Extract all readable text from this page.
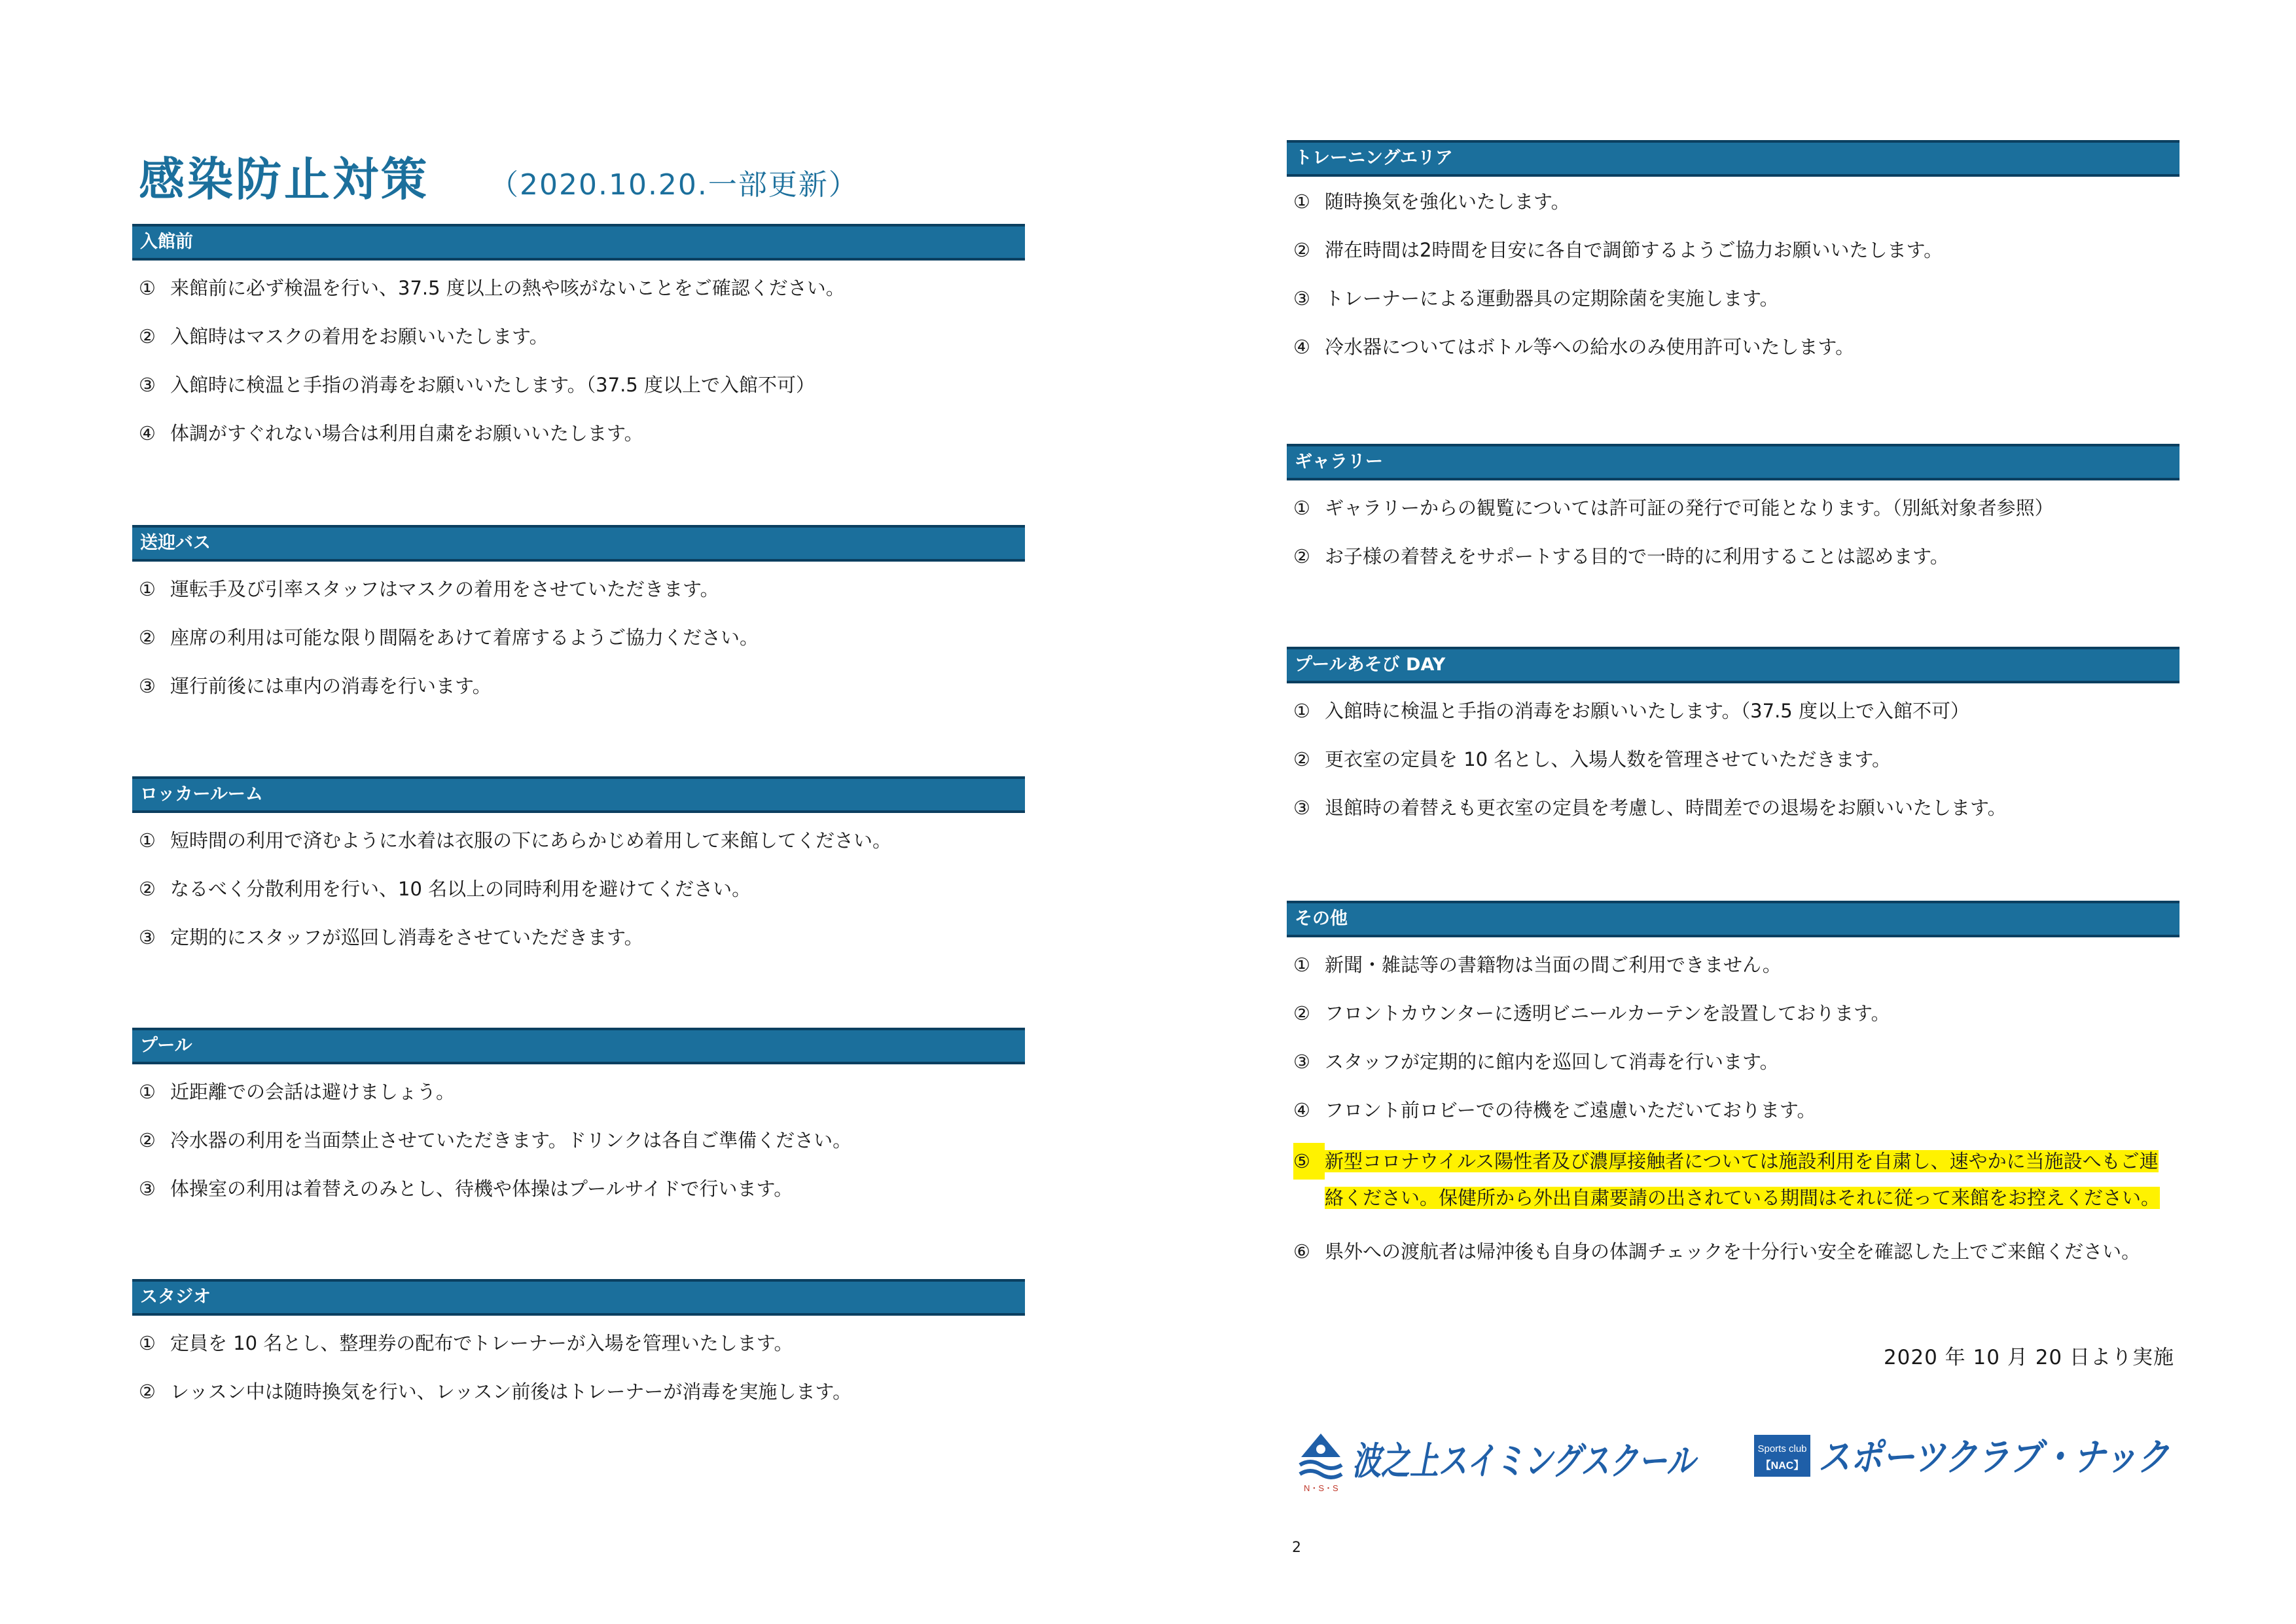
感染防止対策 （2020.10.20.一部更新）
入館前
① 来館前に必ず検温を行い、37.5 度以上の熱や咳がないことをご確認ください。
② 入館時はマスクの着用をお願いいたします。
③ 入館時に検温と手指の消毒をお願いいたします。（37.5 度以上で入館不可）
④ 体調がすぐれない場合は利用自粛をお願いいたします。
送迎バス
① 運転手及び引率スタッフはマスクの着用をさせていただきます。
② 座席の利用は可能な限り間隔をあけて着席するようご協力ください。
③ 運行前後には車内の消毒を行います。
ロッカールーム
① 短時間の利用で済むように水着は衣服の下にあらかじめ着用して来館してください。
② なるべく分散利用を行い、10 名以上の同時利用を避けてください。
③ 定期的にスタッフが巡回し消毒をさせていただきます。
プール
① 近距離での会話は避けましょう。
② 冷水器の利用を当面禁止させていただきます。ドリンクは各自ご準備ください。
③ 体操室の利用は着替えのみとし、待機や体操はプールサイドで行います。
スタジオ
① 定員を 10 名とし、整理券の配布でトレーナーが入場を管理いたします。
② レッスン中は随時換気を行い、レッスン前後はトレーナーが消毒を実施します。
トレーニングエリア
① 随時換気を強化いたします。
② 滞在時間は2時間を目安に各自で調節するようご協力お願いいたします。
③ トレーナーによる運動器具の定期除菌を実施します。
④ 冷水器についてはボトル等への給水のみ使用許可いたします。
ギャラリー
① ギャラリーからの観覧については許可証の発行で可能となります。（別紙対象者参照）
② お子様の着替えをサポートする目的で一時的に利用することは認めます。
プールあそび DAY
① 入館時に検温と手指の消毒をお願いいたします。（37.5 度以上で入館不可）
② 更衣室の定員を 10 名とし、入場人数を管理させていただきます。
③ 退館時の着替えも更衣室の定員を考慮し、時間差での退場をお願いいたします。
その他
① 新聞・雑誌等の書籍物は当面の間ご利用できません。
② フロントカウンターに透明ビニールカーテンを設置しております。
③ スタッフが定期的に館内を巡回して消毒を行います。
④ フロント前ロビーでの待機をご遠慮いただいております。
⑤ 新型コロナウイルス陽性者及び濃厚接触者については施設利用を自粛し、速やかに当施設へもご連絡ください。保健所から外出自粛要請の出されている期間はそれに従って来館をお控えください。
⑥ 県外への渡航者は帰沖後も自身の体調チェックを十分行い安全を確認した上でご来館ください。
2020 年 10 月 20 日より実施
N・S・S
波之上スイミングスクール	Sports club
【NAC】 スポーツクラブ・ナック
2
